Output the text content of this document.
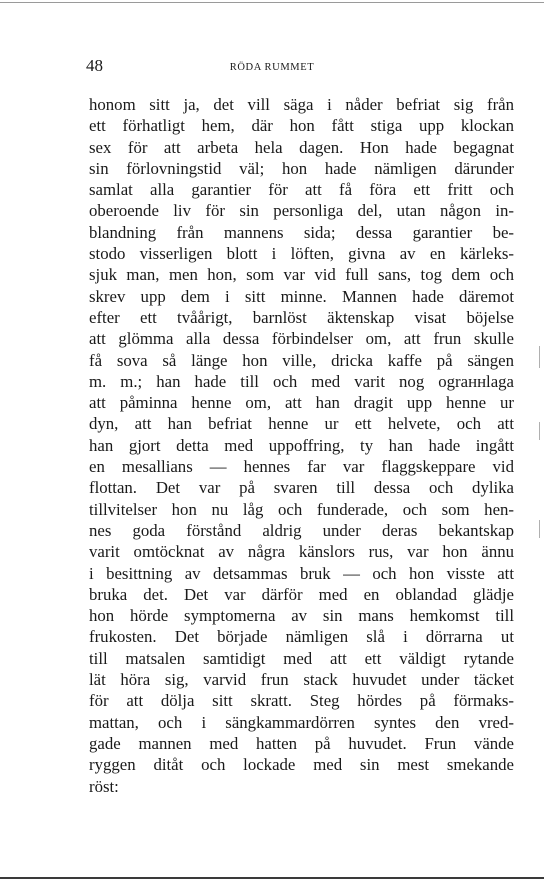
48	RÖDA RUMMET
honom sitt ja, det vill säga i nåder befriat sig från
ett förhatligt hem, där hon fått stiga upp klockan
sex för att arbeta hela dagen. Hon hade begagnat
sin förlovningstid väl; hon hade nämligen därunder
samlat alla garantier för att få föra ett fritt och
oberoende liv för sin personliga del, utan någon in-
blandning från mannens sida; dessa garantier be-
stodo visserligen blott i löften, givna av en kärleks-
sjuk man, men hon, som var vid full sans, tog dem och
skrev upp dem i sitt minne. Mannen hade däremot
efter ett tvåårigt, barnlöst äktenskap visat böjelse
att glömma alla dessa förbindelser om, att frun skulle
få sova så länge hon ville, dricka kaffe på sängen
m. m.; han hade till och med varit nog ograннlaga
att påminna henne om, att han dragit upp henne ur
dyn, att han befriat henne ur ett helvete, och att
han gjort detta med uppoffring, ty han hade ingått
en mesallians — hennes far var flaggskeppare vid
flottan. Det var på svaren till dessa och dylika
tillvitelser hon nu låg och funderade, och som hen-
nes goda förstånd aldrig under deras bekantskap
varit omtöcknat av några känslors rus, var hon ännu
i besittning av detsammas bruk — och hon visste att
bruka det. Det var därför med en oblandad glädje
hon hörde symptomerna av sin mans hemkomst till
frukosten. Det började nämligen slå i dörrarna ut
till matsalen samtidigt med att ett väldigt rytande
lät höra sig, varvid frun stack huvudet under täcket
för att dölja sitt skratt. Steg hördes på förmaks-
mattan, och i sängkammardörren syntes den vred-
gade mannen med hatten på huvudet. Frun vände
ryggen ditåt och lockade med sin mest smekande
röst:
